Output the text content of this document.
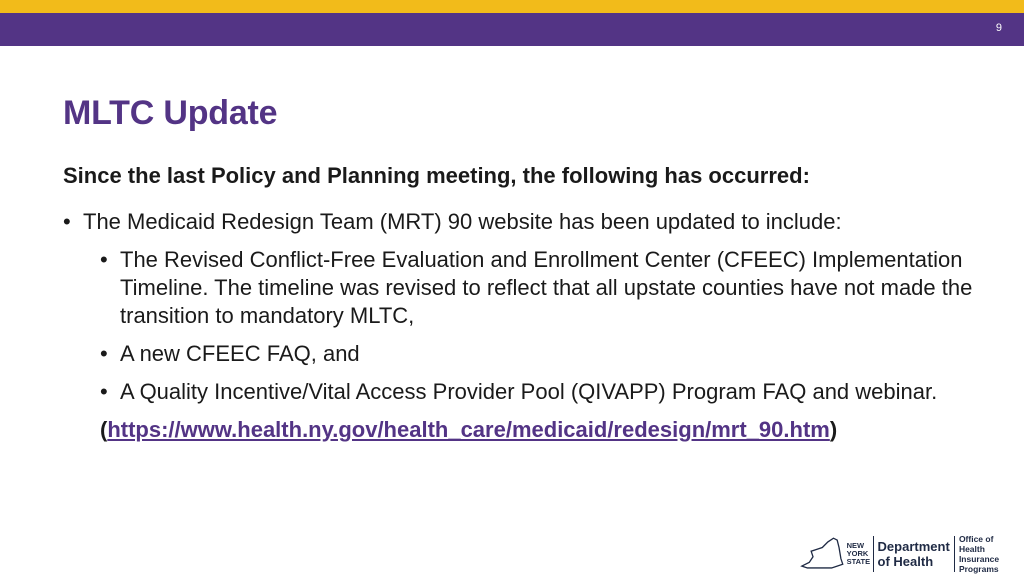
9
MLTC Update

Since the last Policy and Planning meeting, the following has occurred:

• The Medicaid Redesign Team (MRT) 90 website has been updated to include:
• The Revised Conflict-Free Evaluation and Enrollment Center (CFEEC) Implementation Timeline. The timeline was revised to reflect that all upstate counties have not made the transition to mandatory MLTC,
• A new CFEEC FAQ, and
• A Quality Incentive/Vital Access Provider Pool (QIVAPP) Program FAQ and webinar.
(https://www.health.ny.gov/health_care/medicaid/redesign/mrt_90.htm)
NEW
YORK
STATE
Department
of Health
Office of
Health Insurance
Programs
